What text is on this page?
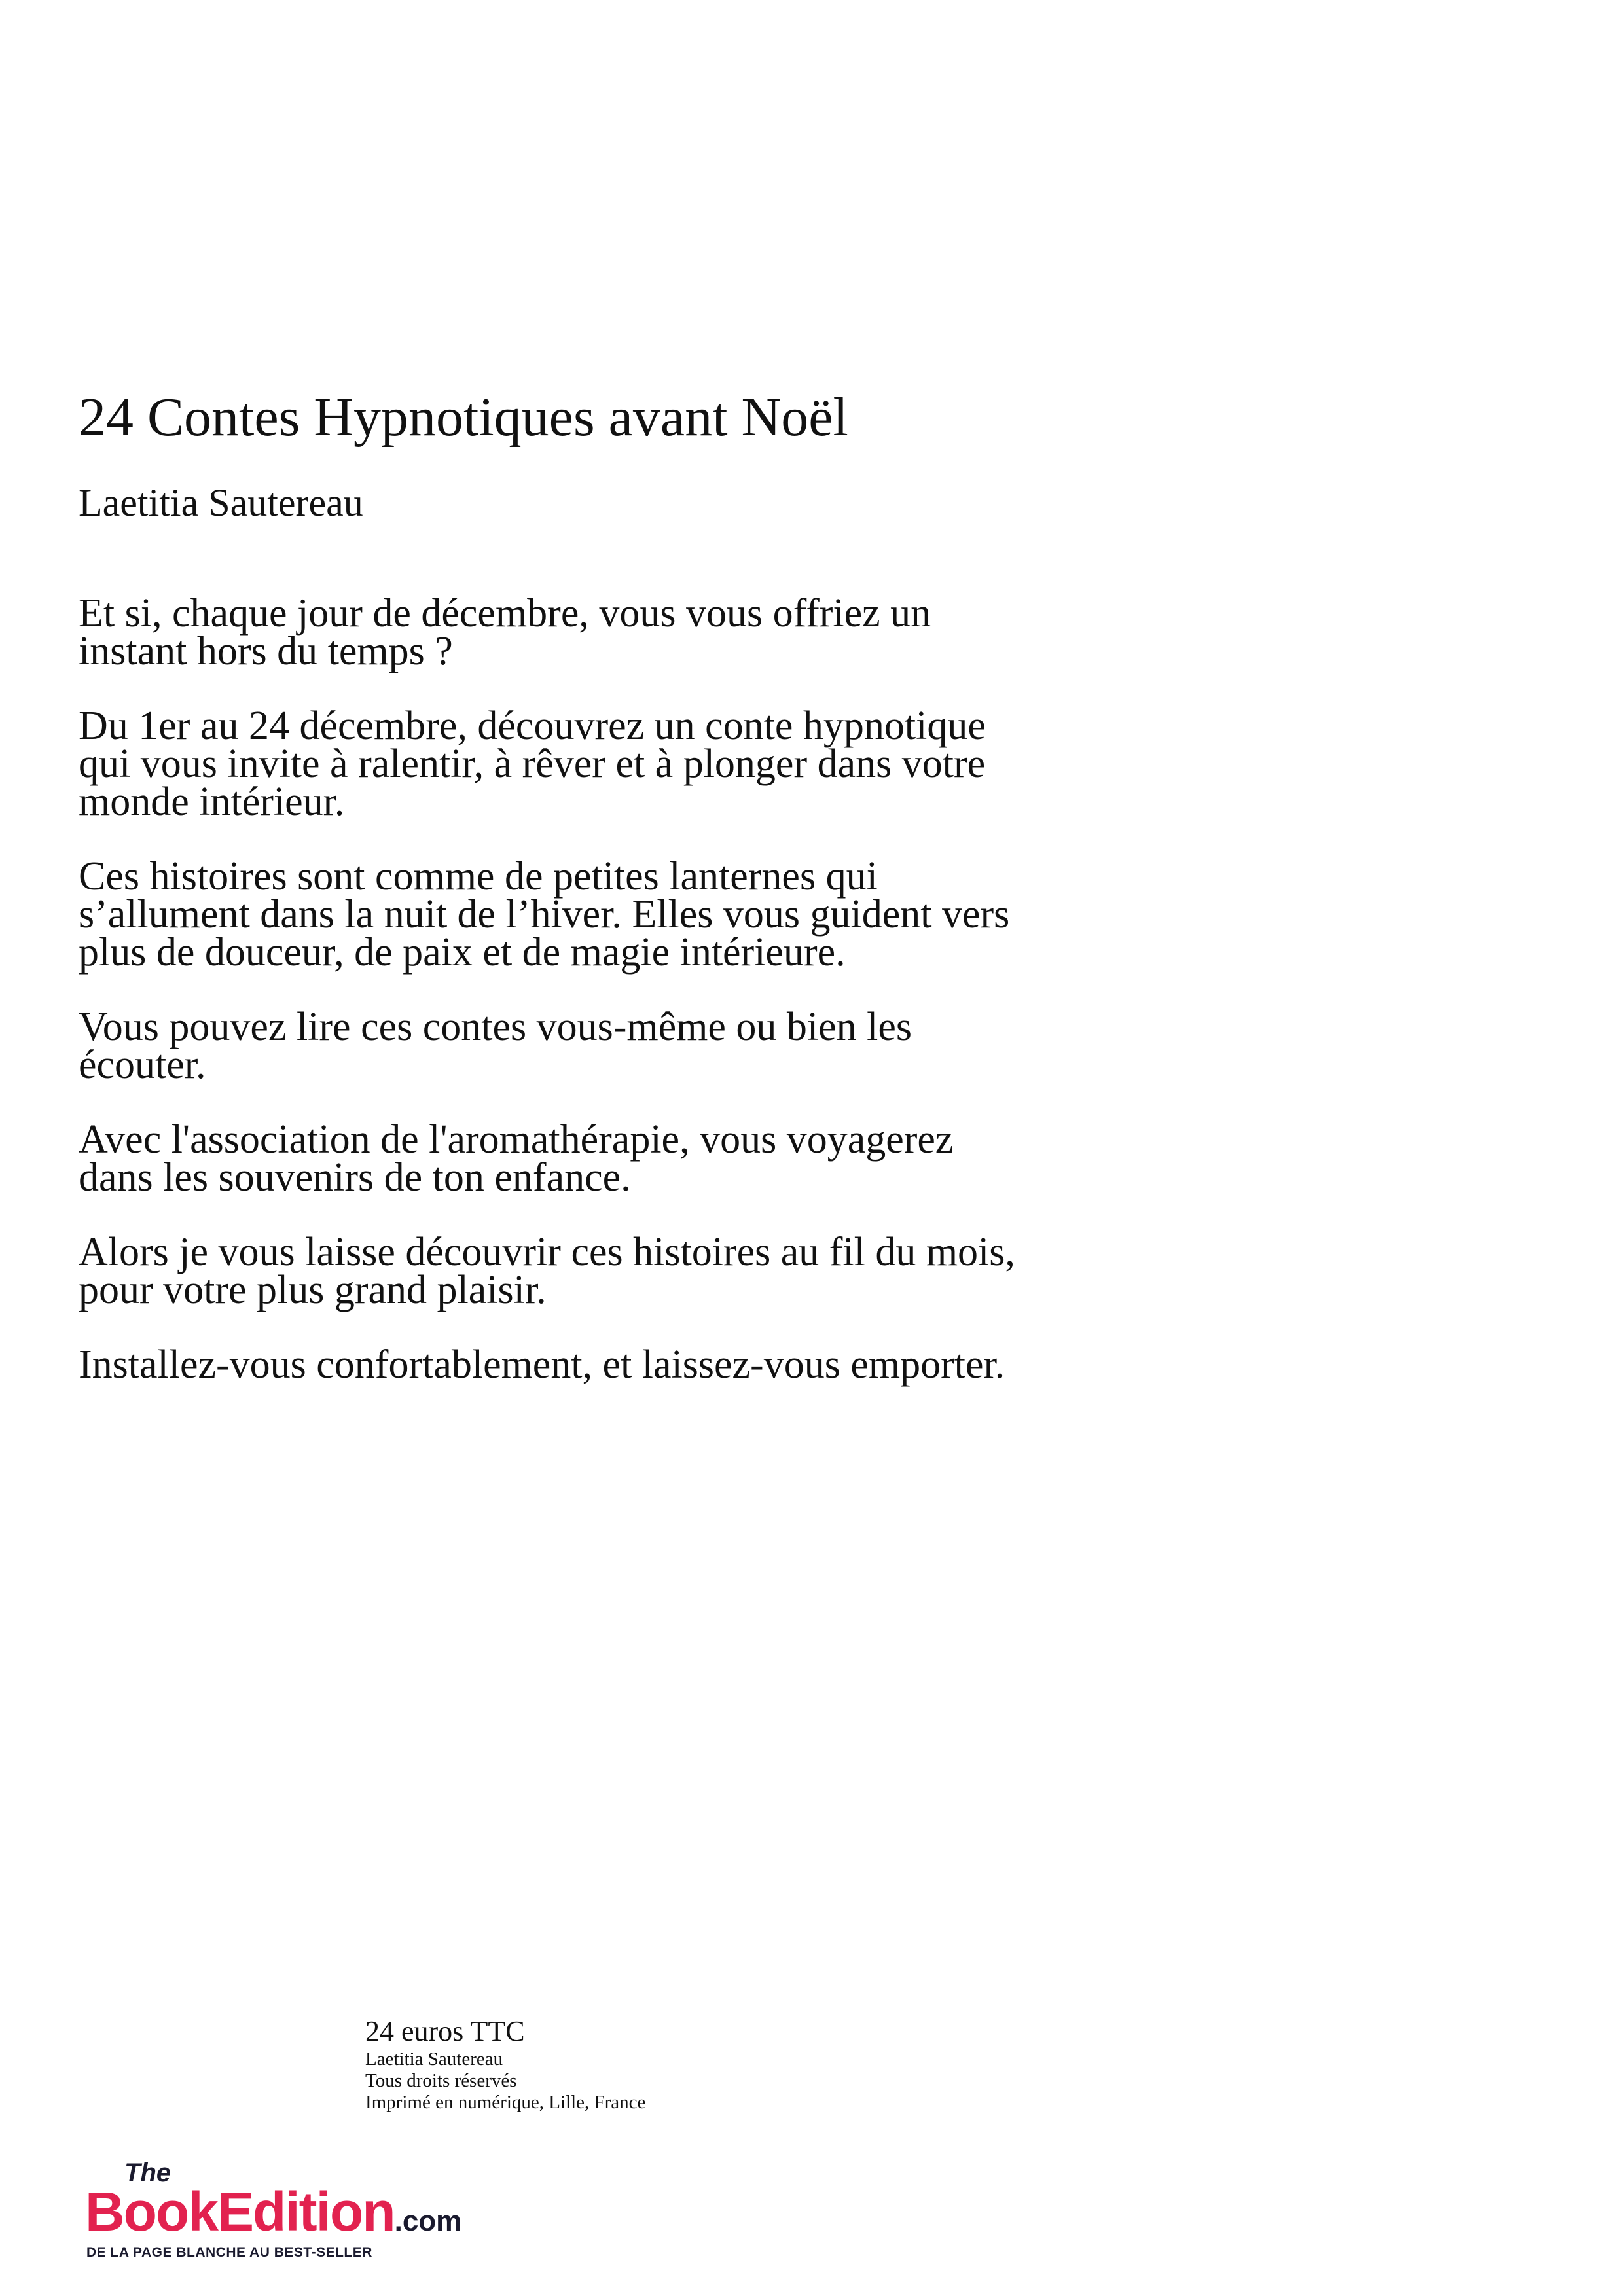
24 Contes Hypnotiques avant Noël
Laetitia Sautereau

Et si, chaque jour de décembre, vous vous offriez un
instant hors du temps ?

Du 1er au 24 décembre, découvrez un conte hypnotique
qui vous invite à ralentir, à rêver et à plonger dans votre
monde intérieur.

Ces histoires sont comme de petites lanternes qui
s’allument dans la nuit de l’hiver. Elles vous guident vers
plus de douceur, de paix et de magie intérieure.

Vous pouvez lire ces contes vous-même ou bien les
écouter.

Avec l'association de l'aromathérapie, vous voyagerez
dans les souvenirs de ton enfance.

Alors je vous laisse découvrir ces histoires au fil du mois,
pour votre plus grand plaisir.

Installez-vous confortablement, et laissez-vous emporter.

24 euros TTC
Laetitia Sautereau
Tous droits réservés
Imprimé en numérique, Lille, France
The
BookEdition.com
DE LA PAGE BLANCHE AU BEST-SELLER
